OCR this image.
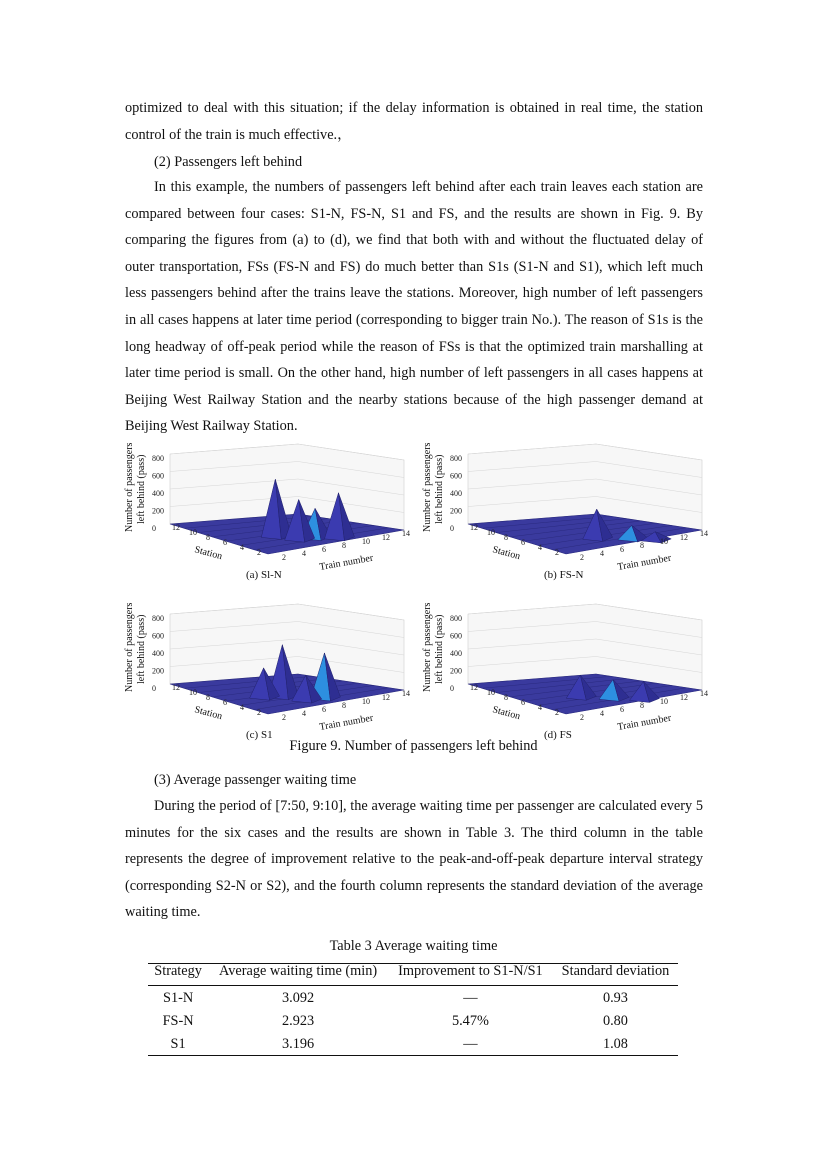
optimized to deal with this situation; if the delay information is obtained in real time, the station control of the train is much effective.，

(2) Passengers left behind

In this example, the numbers of passengers left behind after each train leaves each station are compared between four cases: S1-N, FS-N, S1 and FS, and the results are shown in Fig. 9. By comparing the figures from (a) to (d), we find that both with and without the fluctuated delay of outer transportation, FSs (FS-N and FS) do much better than S1s (S1-N and S1), which left much less passengers behind after the trains leave the stations. Moreover, high number of left passengers in all cases happens at later time period (corresponding to bigger train No.). The reason of S1s is the long headway of off-peak period while the reason of FSs is that the optimized train marshalling at later time period is small. On the other hand, high number of left passengers in all cases happens at Beijing West Railway Station and the nearby stations because of the high passenger demand at Beijing West Railway Station.

Number of passengers left behind (pass) 800
600
400
200
0 12
10
8
6
4
2
Station	2 4 6 8 10 12 14
Train number
(a) Sl-N
Number of passengers left behind (pass) 800
600
400
200
0 12
10
8
6
4
2
Station	2 4 6 8 10 12 14
Train number
(b) FS-N
Number of passengers left behind (pass) 800
600
400
200
0 12
10
8
6
4
2
Station	2 4 6 8 10 12 14
Train number
(c) S1
Number of passengers left behind (pass) 800
600
400
200
0 12
10
8
6
4
2
Station	2 4 6 8 10 12 14
Train number
(d) FS

Figure 9. Number of passengers left behind

(3) Average passenger waiting time

During the period of [7:50, 9:10], the average waiting time per passenger are calculated every 5 minutes for the six cases and the results are shown in Table 3. The third column in the table represents the degree of improvement relative to the peak-and-off-peak departure interval strategy (corresponding S2-N or S2), and the fourth column represents the standard deviation of the average waiting time.

Table 3 Average waiting time

Strategy	Average waiting time (min)	Improvement to S1-N/S1	Standard deviation
S1-N	3.092	—	0.93
FS-N	2.923	5.47%	0.80
S1	3.196	—	1.08
